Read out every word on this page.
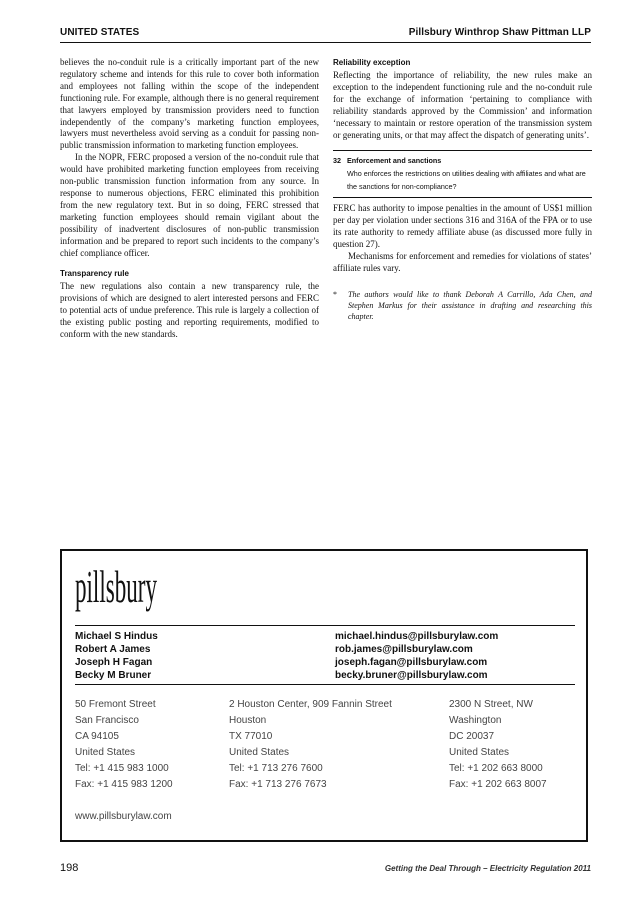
UNITED STATES	Pillsbury Winthrop Shaw Pittman LLP

believes the no-conduit rule is a critically important part of the new regulatory scheme and intends for this rule to cover both information and employees not falling within the scope of the independent functioning rule. For example, although there is no general requirement that lawyers employed by transmission providers need to function independently of the company’s marketing function employees, lawyers must nevertheless avoid serving as a conduit for passing non-public transmission information to marketing function employees.

In the NOPR, FERC proposed a version of the no-conduit rule that would have prohibited marketing function employees from receiving non-public transmission function information from any source. In response to numerous objections, FERC eliminated this prohibition from the new regulatory text. But in so doing, FERC stressed that marketing function employees should remain vigilant about the possibility of inadvertent disclosures of non-public transmission information and be prepared to report such incidents to the company’s chief compliance officer.

Transparency rule

The new regulations also contain a new transparency rule, the provisions of which are designed to alert interested persons and FERC to potential acts of undue preference. This rule is largely a collection of the existing public posting and reporting requirements, modified to conform with the new standards.

Reliability exception

Reflecting the importance of reliability, the new rules make an exception to the independent functioning rule and the no-conduit rule for the exchange of information ‘pertaining to compliance with reliability standards approved by the Commission’ and information ‘necessary to maintain or restore operation of the transmission system or generating units, or that may affect the dispatch of generating units’.

32 Enforcement and sanctions
Who enforces the restrictions on utilities dealing with affiliates and what are the sanctions for non-compliance?

FERC has authority to impose penalties in the amount of US$1 million per day per violation under sections 316 and 316A of the FPA or to use its rate authority to remedy affiliate abuse (as discussed more fully in question 27).

Mechanisms for enforcement and remedies for violations of states’ affiliate rules vary.

*	The authors would like to thank Deborah A Carrillo, Ada Chen, and Stephen Markus for their assistance in drafting and researching this chapter.
pillsbury
Michael S Hindus	michael.hindus@pillsburylaw.com
Robert A James	rob.james@pillsburylaw.com
Joseph H Fagan	joseph.fagan@pillsburylaw.com
Becky M Bruner	becky.bruner@pillsburylaw.com
50 Fremont Street
San Francisco
CA 94105
United States
Tel: +1 415 983 1000
Fax: +1 415 983 1200
2 Houston Center, 909 Fannin Street
Houston
TX 77010
United States
Tel: +1 713 276 7600
Fax: +1 713 276 7673
2300 N Street, NW
Washington
DC 20037
United States
Tel: +1 202 663 8000
Fax: +1 202 663 8007
www.pillsburylaw.com
198	Getting the Deal Through – Electricity Regulation 2011
